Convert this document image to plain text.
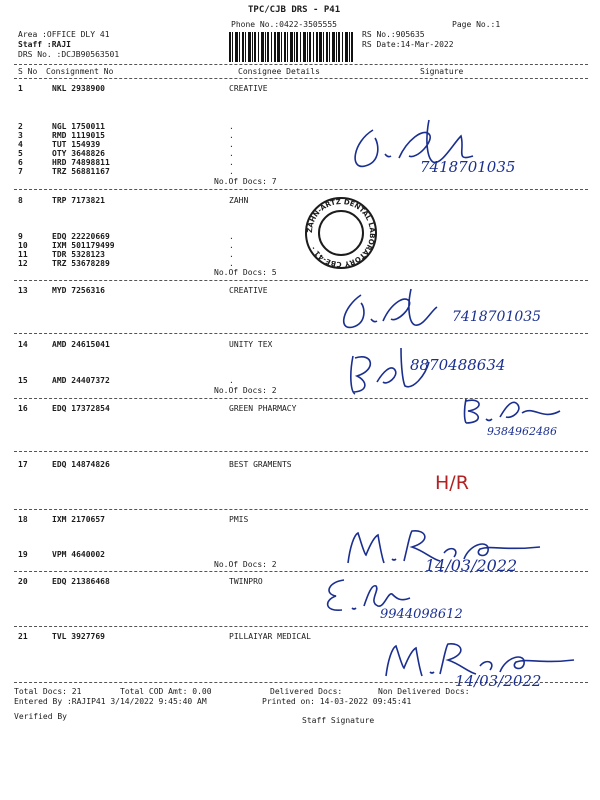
TPC/CJB DRS - P41
Phone No.:0422-3505555	Page No.:1
Area :OFFICE DLY 41
Staff :RAJI
DRS No. :DCJB90563501
RS No.:905635
RS Date:14-Mar-2022
S No Consignment No	Consignee Details	Signature
1	NKL 2938900	CREATIVE
2	NGL 1750011	.
3	RMD 1119015	.
4	TUT 154939	.
5	OTY 3648826	.
6	HRD 74898811	.
7	TRZ 56881167	.
No.Of Docs: 7
8	TRP 7173821	ZAHN
9	EDQ 22220669	.
10	IXM 501179499	.
11	TDR 5328123	.
12	TRZ 53678289	.
No.Of Docs: 5
13	MYD 7256316	CREATIVE
14	AMD 24615041	UNITY TEX
15	AMD 24407372	.
No.Of Docs: 2
16	EDQ 17372854	GREEN PHARMACY
17	EDQ 14874826	BEST GRAMENTS
18	IXM 2170657	PMIS
19	VPM 4640002
No.Of Docs: 2
20	EDQ 21386468	TWINPRO
21	TVL 3927769	PILLAIYAR MEDICAL
Total Docs: 21	Total COD Amt: 0.00	Delivered Docs:	Non Delivered Docs:
Entered By :RAJIP41 3/14/2022 9:45:40 AM	Printed on: 14-03-2022 09:45:41
Verified By	Staff Signature
7418701035
ZAHN-ARTZ DENTAL LABORATORY CBE-41 ·
7418701035
8870488634
9384962486
H/R
14/03/2022
9944098612
14/03/2022
